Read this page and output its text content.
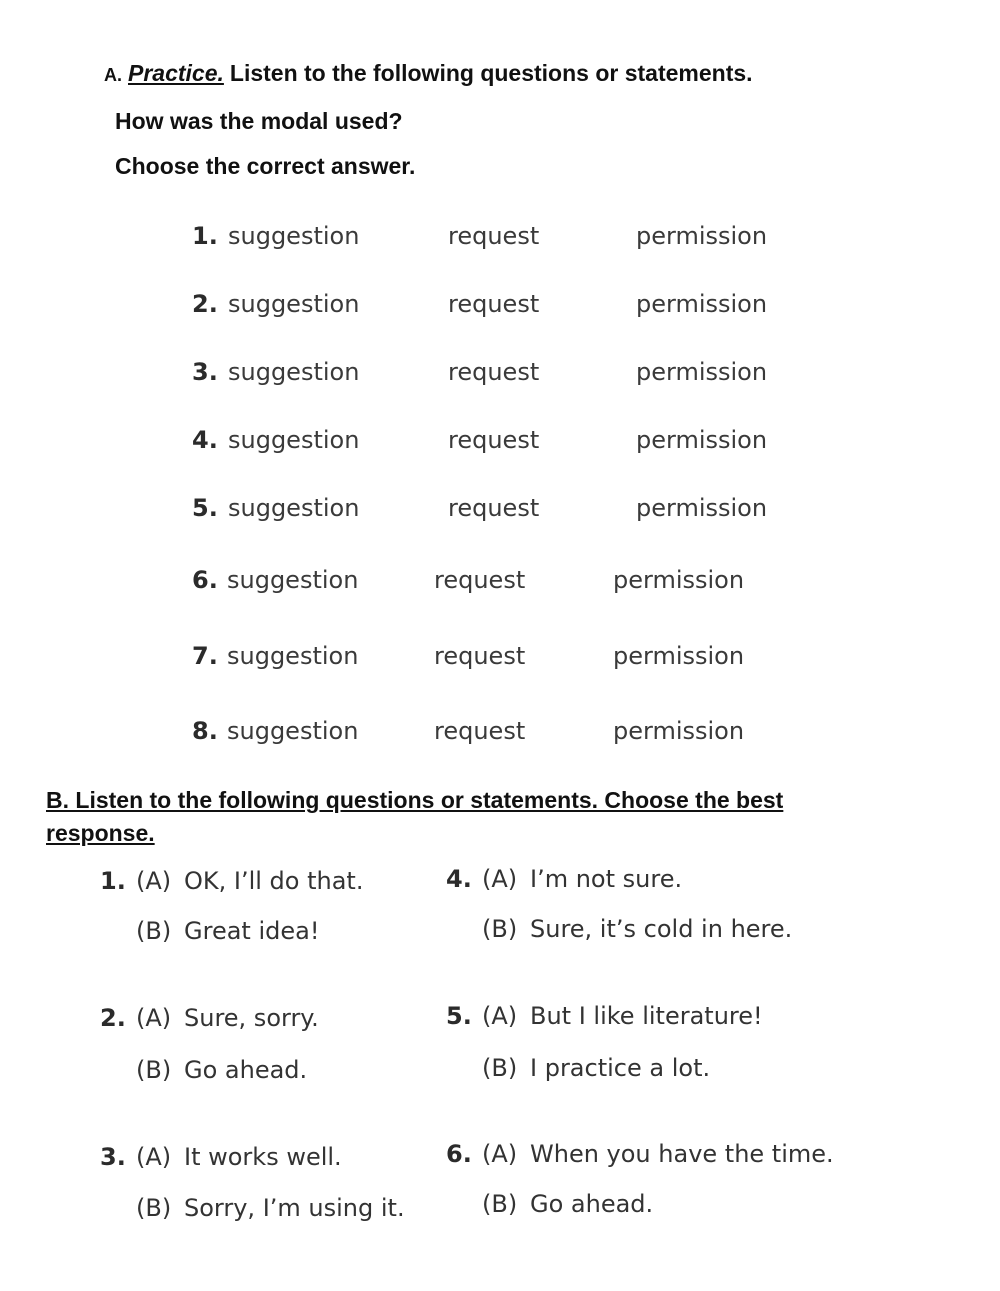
A. Practice. Listen to the following questions or statements.
How was the modal used?
Choose the correct answer.
1. suggestion	request	permission
2. suggestion	request	permission
3. suggestion	request	permission
4. suggestion	request	permission
5. suggestion	request	permission
6. suggestion	request	permission
7. suggestion	request	permission
8. suggestion	request	permission
B. Listen to the following questions or statements. Choose the best response.
1. (A) OK, I’ll do that.
(B) Great idea!
2. (A) Sure, sorry.
(B) Go ahead.
3. (A) It works well.
(B) Sorry, I’m using it.
4. (A) I’m not sure.
(B) Sure, it’s cold in here.
5. (A) But I like literature!
(B) I practice a lot.
6. (A) When you have the time.
(B) Go ahead.
